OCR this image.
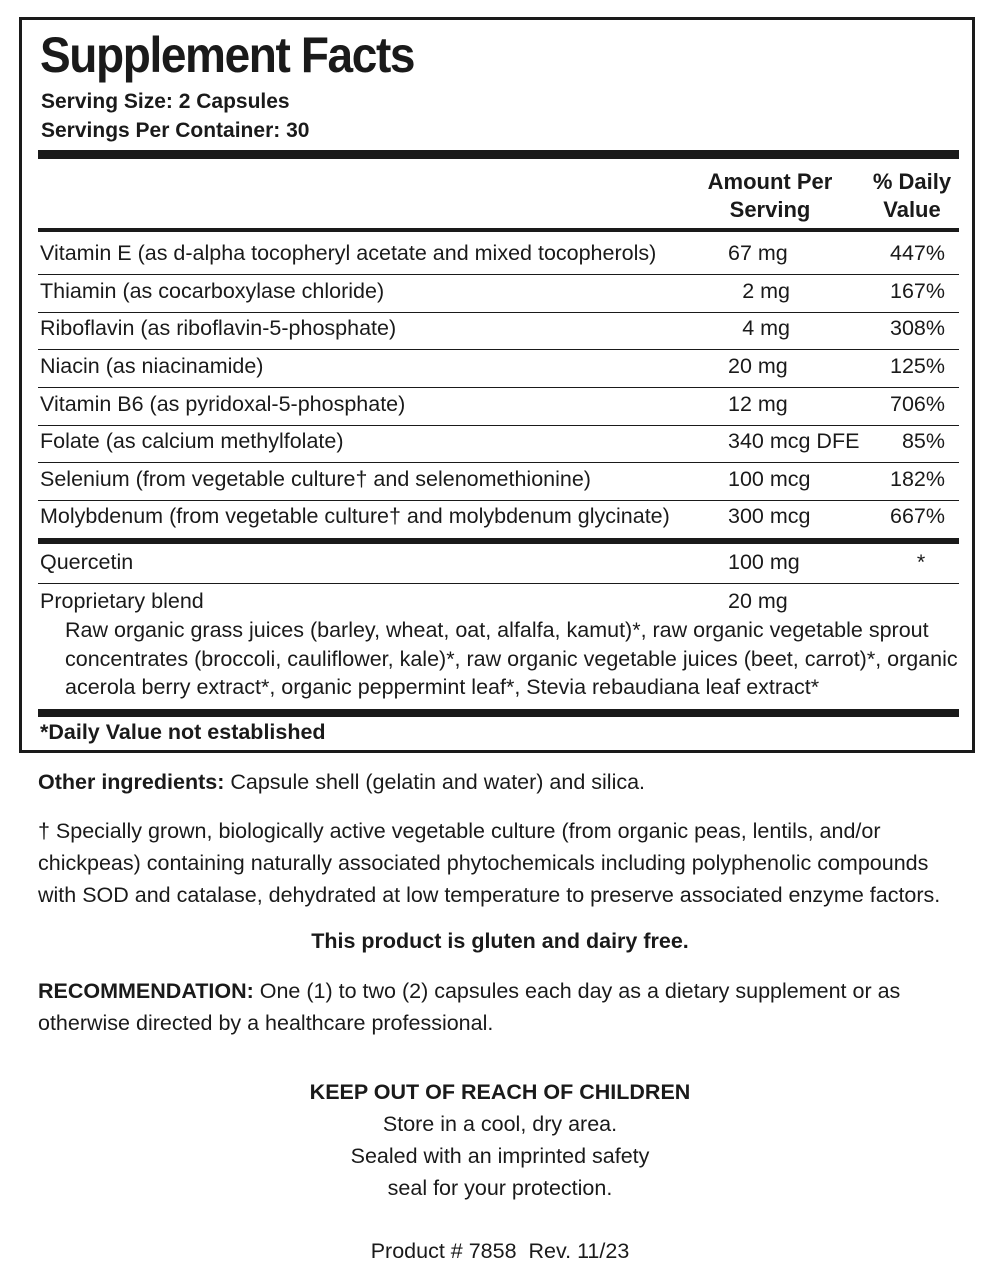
Supplement Facts
Serving Size: 2 Capsules
Servings Per Container: 30
Amount Per
Serving
% Daily
Value
Vitamin E (as d-alpha tocopheryl acetate and mixed tocopherols)	67 mg	447%
Thiamin (as cocarboxylase chloride)	2 mg	167%
Riboflavin (as riboflavin-5-phosphate)	4 mg	308%
Niacin (as niacinamide)	20 mg	125%
Vitamin B6 (as pyridoxal-5-phosphate)	12 mg	706%
Folate (as calcium methylfolate)	340 mcg DFE 85%
Selenium (from vegetable culture† and selenomethionine)	100 mcg	182%
Molybdenum (from vegetable culture† and molybdenum glycinate)	300 mcg	667%
Quercetin	100 mg	*
Proprietary blend	20 mg
Raw organic grass juices (barley, wheat, oat, alfalfa, kamut)*, raw organic vegetable sprout concentrates (broccoli, cauliflower, kale)*, raw organic vegetable juices (beet, carrot)*, organic acerola berry extract*, organic peppermint leaf*, Stevia rebaudiana leaf extract*
*Daily Value not established
Other ingredients: Capsule shell (gelatin and water) and silica.
† Specially grown, biologically active vegetable culture (from organic peas, lentils, and/or chickpeas) containing naturally associated phytochemicals including polyphenolic compounds with SOD and catalase, dehydrated at low temperature to preserve associated enzyme factors.
This product is gluten and dairy free.
RECOMMENDATION: One (1) to two (2) capsules each day as a dietary supplement or as otherwise directed by a healthcare professional.
KEEP OUT OF REACH OF CHILDREN
Store in a cool, dry area.
Sealed with an imprinted safety
seal for your protection.
Product # 7858  Rev. 11/23
